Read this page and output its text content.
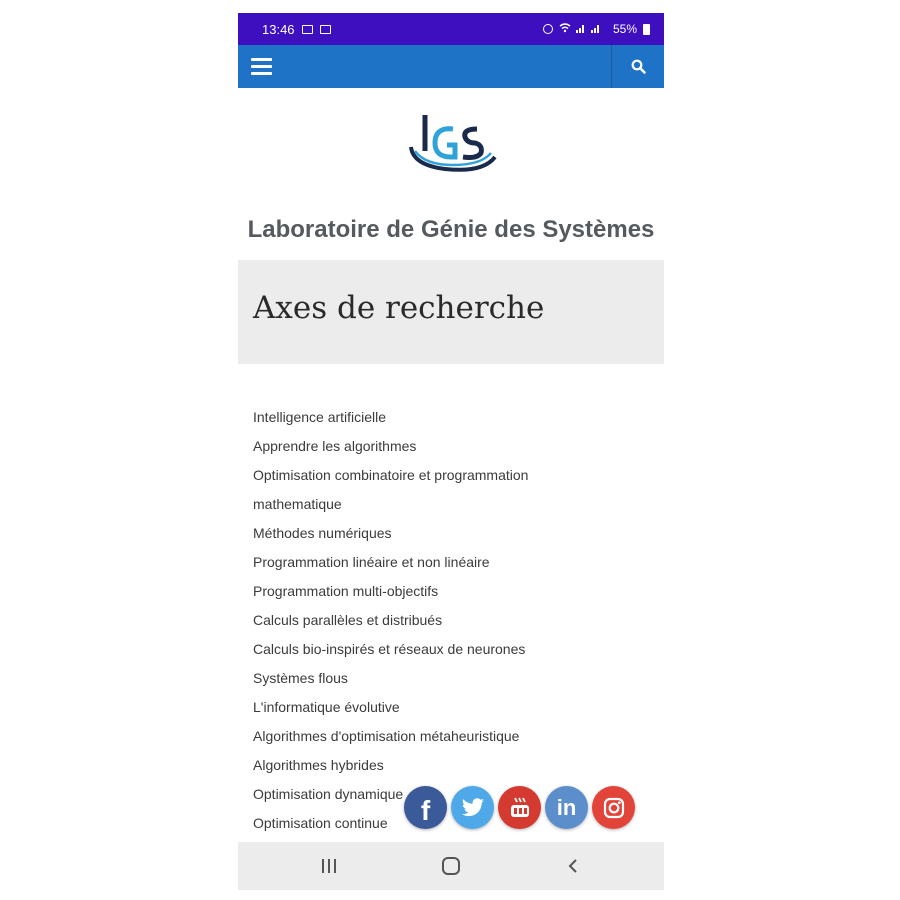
13:46	55%
Laboratoire de Génie des Systèmes
Axes de recherche
Intelligence artificielle
Apprendre les algorithmes
Optimisation combinatoire et programmation
mathematique
Méthodes numériques
Programmation linéaire et non linéaire
Programmation multi-objectifs
Calculs parallèles et distribués
Calculs bio-inspirés et réseaux de neurones
Systèmes flous
L'informatique évolutive
Algorithmes d'optimisation métaheuristique
Algorithmes hybrides
Optimisation dynamique
Optimisation continue	f	in
